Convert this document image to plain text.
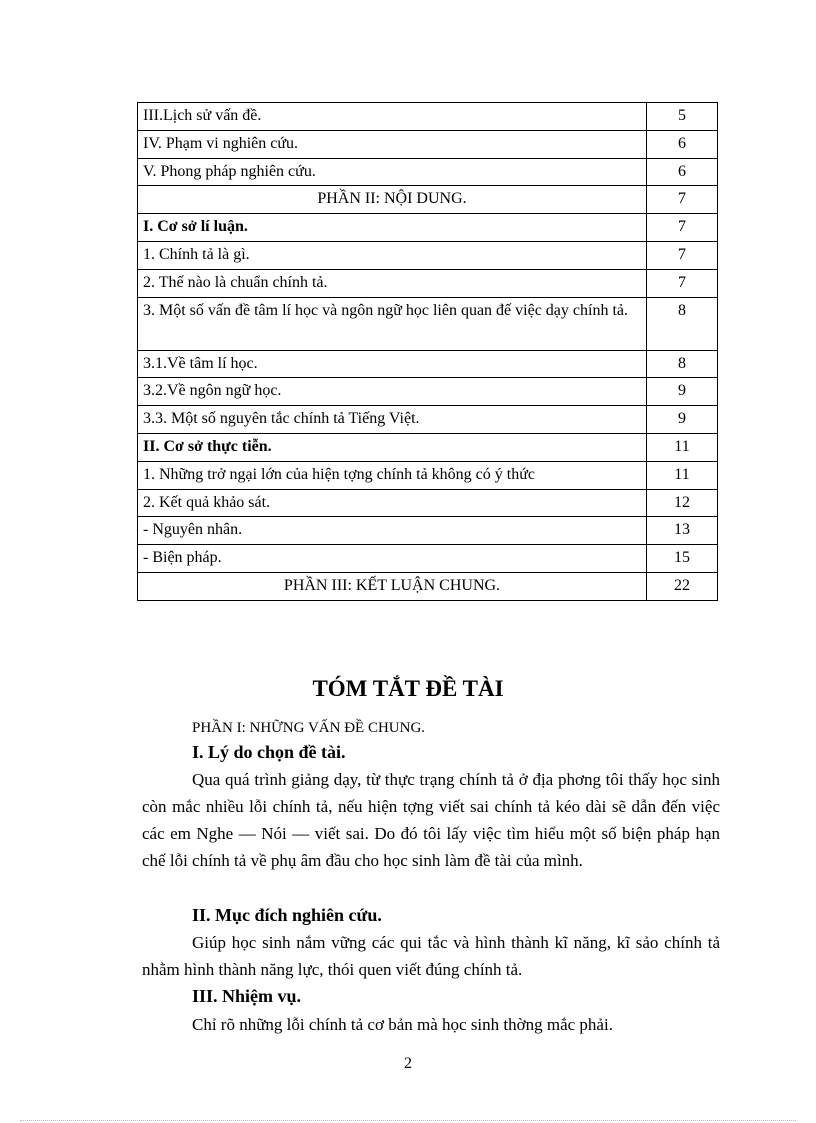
III.Lịch sử vấn đề.	5
IV. Phạm vi nghiên cứu.	6
V. Phong pháp nghiên cứu.	6
PHẦN II: NỘI DUNG.	7
I. Cơ sở lí luận.	7
1. Chính tả là gì.	7
2. Thế nào là chuẩn chính tả.	7
3. Một số vấn đề tâm lí học và ngôn ngữ học liên quan đế việc dạy chính tả.	8
3.1.Về tâm lí học.	8
3.2.Về ngôn ngữ học.	9
3.3. Một số nguyên tắc chính tả Tiếng Việt.	9
II. Cơ sở thực tiễn.	11
1. Những trở ngại lớn của hiện tợng chính tả không có ý thức	11
2. Kết quả khảo sát.	12
- Nguyên nhân.	13
- Biện pháp.	15
PHẦN III: KẾT LUẬN CHUNG.	22
TÓM TẮT ĐỀ TÀI
PHẦN I: NHỮNG VẤN ĐỀ CHUNG.
I. Lý do chọn đề tài.
Qua quá trình giảng dạy, từ thực trạng chính tả ở địa phơng tôi thấy học sinh còn mắc nhiều lỗi chính tả, nếu hiện tợng viết sai chính tả kéo dài sẽ dẫn đến việc các em Nghe — Nói — viết sai. Do đó tôi lấy việc tìm hiểu một số biện pháp hạn chế lỗi chính tả về phụ âm đầu cho học sinh làm đề tài của mình.
II. Mục đích nghiên cứu.
Giúp học sinh nắm vững các qui tắc và hình thành kĩ năng, kĩ sảo chính tả nhằm hình thành năng lực, thói quen viết đúng chính tả.
III. Nhiệm vụ.
Chỉ rõ những lỗi chính tả cơ bản mà học sinh thờng mắc phải.
2
